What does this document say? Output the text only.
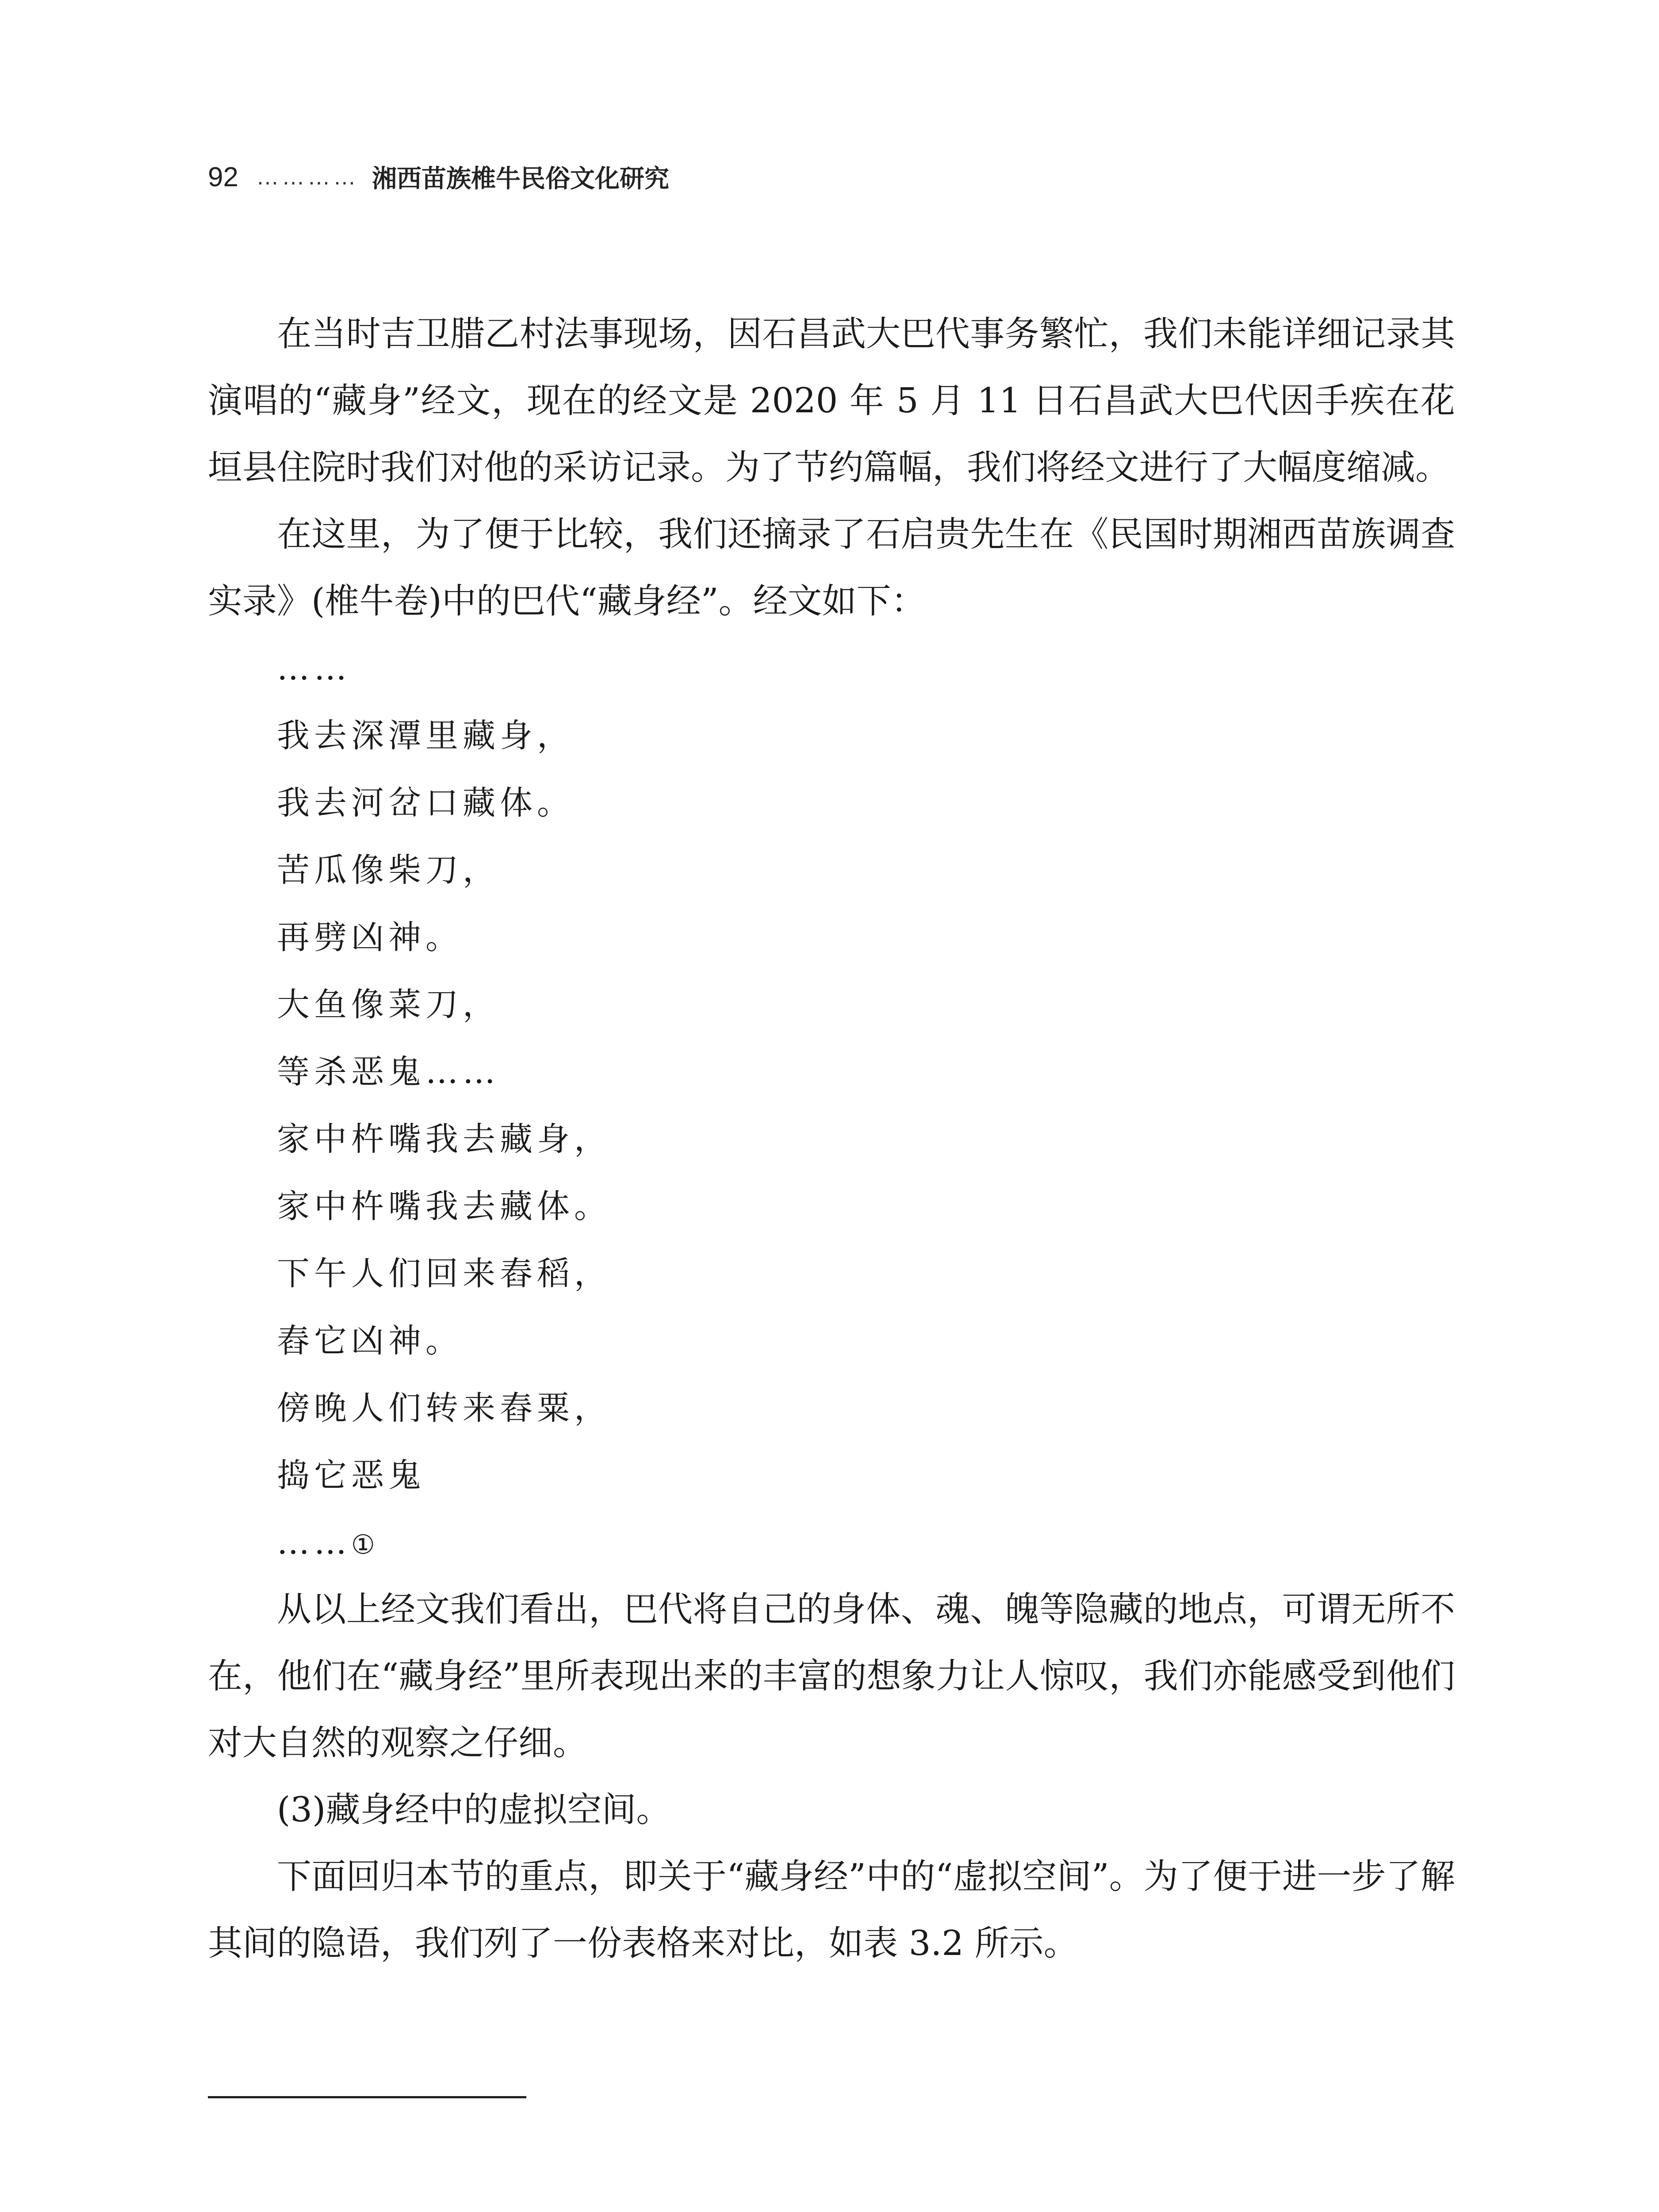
92 ………… 湘西苗族椎牛民俗文化研究

在当时吉卫腊乙村法事现场，因石昌武大巴代事务繁忙，我们未能详细记录其演唱的“藏身”经文，现在的经文是 2020 年 5 月 11 日石昌武大巴代因手疾在花垣县住院时我们对他的采访记录。为了节约篇幅，我们将经文进行了大幅度缩减。

在这里，为了便于比较，我们还摘录了石启贵先生在《民国时期湘西苗族调查实录》(椎牛卷)中的巴代“藏身经”。经文如下：

……
我去深潭里藏身，
我去河岔口藏体。
苦瓜像柴刀，
再劈凶神。
大鱼像菜刀，
等杀恶鬼……
家中杵嘴我去藏身，
家中杵嘴我去藏体。
下午人们回来舂稻，
舂它凶神。
傍晚人们转来舂粟，
捣它恶鬼
……①

从以上经文我们看出，巴代将自己的身体、魂、魄等隐藏的地点，可谓无所不在，他们在“藏身经”里所表现出来的丰富的想象力让人惊叹，我们亦能感受到他们对大自然的观察之仔细。

(3)藏身经中的虚拟空间。

下面回归本节的重点，即关于“藏身经”中的“虚拟空间”。为了便于进一步了解其间的隐语，我们列了一份表格来对比，如表 3.2 所示。
